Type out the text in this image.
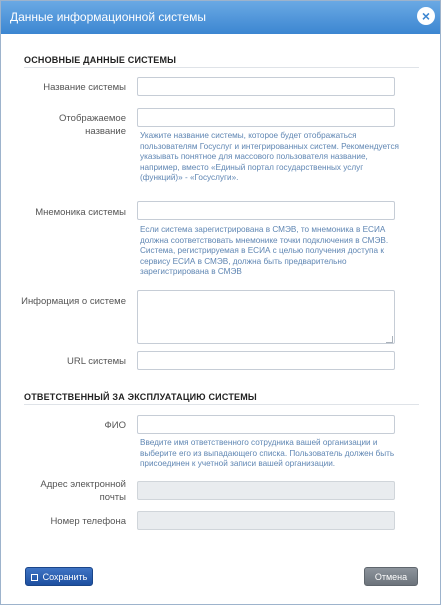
Данные информационной системы	×
ОСНОВНЫЕ ДАННЫЕ СИСТЕМЫ
Название системы
Отображаемое название Укажите название системы, которое будет отображаться пользователям Госуслуг и интегрированных систем. Рекомендуется указывать понятное для массового пользователя название, например, вместо «Единый портал государственных услуг (функций)» - «Госуслуги».
Мнемоника системы
Если система зарегистрирована в СМЭВ, то мнемоника в ЕСИА должна соответствовать мнемонике точки подключения в СМЭВ. Система, регистрируемая в ЕСИА с целью получения доступа к сервису ЕСИА в СМЭВ, должна быть предварительно зарегистрирована в СМЭВ
Информация о системе
URL системы
ОТВЕТСТВЕННЫЙ ЗА ЭКСПЛУАТАЦИЮ СИСТЕМЫ
ФИО
Введите имя ответственного сотрудника вашей организации и выберите его из выпадающего списка. Пользователь должен быть присоединен к учетной записи вашей организации.
Адрес электронной почты
Номер телефона
Сохранить	Отмена
